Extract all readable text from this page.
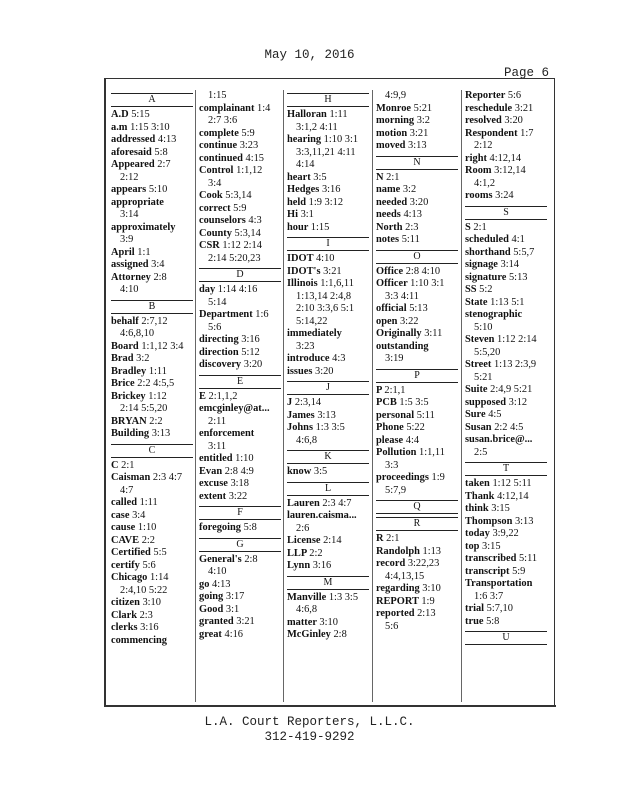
May 10, 2016
Page 6
A
A.D 5:15
a.m 1:15 3:10
addressed 4:13
aforesaid 5:8
Appeared 2:7
2:12
appears 5:10
appropriate
3:14
approximately
3:9
April 1:1
assigned 3:4
Attorney 2:8
4:10
B
behalf 2:7,12
4:6,8,10
Board 1:1,12 3:4
Brad 3:2
Bradley 1:11
Brice 2:2 4:5,5
Brickey 1:12
2:14 5:5,20
BRYAN 2:2
Building 3:13
C
C 2:1
Caisman 2:3 4:7
4:7
called 1:11
case 3:4
cause 1:10
CAVE 2:2
Certified 5:5
certify 5:6
Chicago 1:14
2:4,10 5:22
citizen 3:10
Clark 2:3
clerks 3:16
commencing
1:15
complainant 1:4
2:7 3:6
complete 5:9
continue 3:23
continued 4:15
Control 1:1,12
3:4
Cook 5:3,14
correct 5:9
counselors 4:3
County 5:3,14
CSR 1:12 2:14
2:14 5:20,23
D
day 1:14 4:16
5:14
Department 1:6
5:6
directing 3:16
direction 5:12
discovery 3:20
E
E 2:1,1,2
emcginley@at...
2:11
enforcement
3:11
entitled 1:10
Evan 2:8 4:9
excuse 3:18
extent 3:22
F
foregoing 5:8
G
General's 2:8
4:10
go 4:13
going 3:17
Good 3:1
granted 3:21
great 4:16
H
Halloran 1:11
3:1,2 4:11
hearing 1:10 3:1
3:3,11,21 4:11
4:14
heart 3:5
Hedges 3:16
held 1:9 3:12
Hi 3:1
hour 1:15
I
IDOT 4:10
IDOT's 3:21
Illinois 1:1,6,11
1:13,14 2:4,8
2:10 3:3,6 5:1
5:14,22
immediately
3:23
introduce 4:3
issues 3:20
J
J 2:3,14
James 3:13
Johns 1:3 3:5
4:6,8
K
know 3:5
L
Lauren 2:3 4:7
lauren.caisma...
2:6
License 2:14
LLP 2:2
Lynn 3:16
M
Manville 1:3 3:5
4:6,8
matter 3:10
McGinley 2:8
4:9,9
Monroe 5:21
morning 3:2
motion 3:21
moved 3:13
N
N 2:1
name 3:2
needed 3:20
needs 4:13
North 2:3
notes 5:11
O
Office 2:8 4:10
Officer 1:10 3:1
3:3 4:11
official 5:13
open 3:22
Originally 3:11
outstanding
3:19
P
P 2:1,1
PCB 1:5 3:5
personal 5:11
Phone 5:22
please 4:4
Pollution 1:1,11
3:3
proceedings 1:9
5:7,9
Q
R
R 2:1
Randolph 1:13
record 3:22,23
4:4,13,15
regarding 3:10
REPORT 1:9
reported 2:13
5:6
Reporter 5:6
reschedule 3:21
resolved 3:20
Respondent 1:7
2:12
right 4:12,14
Room 3:12,14
4:1,2
rooms 3:24
S
S 2:1
scheduled 4:1
shorthand 5:5,7
signage 3:14
signature 5:13
SS 5:2
State 1:13 5:1
stenographic
5:10
Steven 1:12 2:14
5:5,20
Street 1:13 2:3,9
5:21
Suite 2:4,9 5:21
supposed 3:12
Sure 4:5
Susan 2:2 4:5
susan.brice@...
2:5
T
taken 1:12 5:11
Thank 4:12,14
think 3:15
Thompson 3:13
today 3:9,22
top 3:15
transcribed 5:11
transcript 5:9
Transportation
1:6 3:7
trial 5:7,10
true 5:8
U
L.A. Court Reporters, L.L.C.
312-419-9292
